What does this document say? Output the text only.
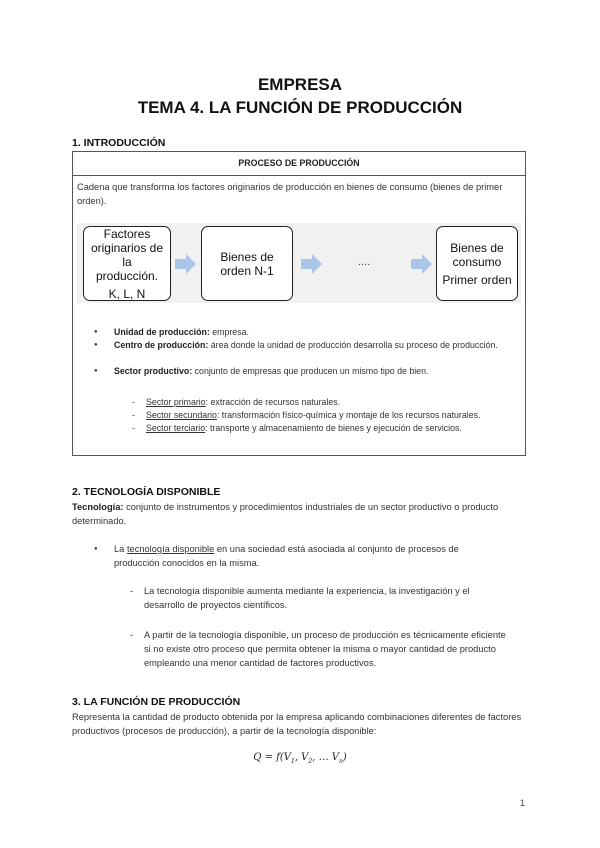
EMPRESA
TEMA 4. LA FUNCIÓN DE PRODUCCIÓN
1. INTRODUCCIÓN
PROCESO DE PRODUCCIÓN
Cadena que transforma los factores originarios de producción en bienes de consumo (bienes de primer orden).
Factores
originarios de
la
producción.
K, L, N
Bienes de
orden N-1
....
Bienes de
consumo
Primer orden
● Unidad de producción: empresa.
● Centro de producción: área donde la unidad de producción desarrolla su proceso de producción.
● Sector productivo: conjunto de empresas que producen un mismo tipo de bien.
- Sector primario: extracción de recursos naturales.
- Sector secundario: transformación físico-química y montaje de los recursos naturales.
- Sector terciario: transporte y almacenamiento de bienes y ejecución de servicios.
2. TECNOLOGÍA DISPONIBLE
Tecnología: conjunto de instrumentos y procedimientos industriales de un sector productivo o producto determinado.
● La tecnología disponible en una sociedad está asociada al conjunto de procesos de producción conocidos en la misma.
- La tecnología disponible aumenta mediante la experiencia, la investigación y el desarrollo de proyectos científicos.
- A partir de la tecnología disponible, un proceso de producción es técnicamente eficiente si no existe otro proceso que permita obtener la misma o mayor cantidad de producto empleando una menor cantidad de factores productivos.
3. LA FUNCIÓN DE PRODUCCIÓN
Representa la cantidad de producto obtenida por la empresa aplicando combinaciones diferentes de factores productivos (procesos de producción), a partir de la tecnología disponible:
$Q = f(V_1$, $V_2$, … $V_n$)
1
